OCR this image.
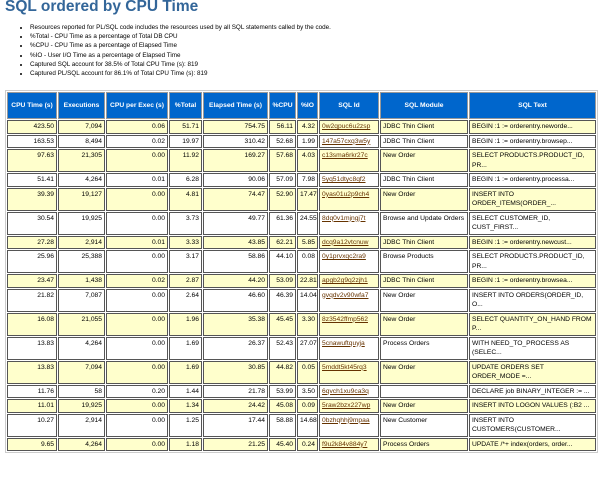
SQL ordered by CPU Time
• Resources reported for PL/SQL code includes the resources used by all SQL statements called by the code.
• %Total - CPU Time as a percentage of Total DB CPU
• %CPU - CPU Time as a percentage of Elapsed Time
• %IO - User I/O Time as a percentage of Elapsed Time
• Captured SQL account for 38.5% of Total CPU Time (s): 819
• Captured PL/SQL account for 86.1% of Total CPU Time (s): 819
CPU Time (s)	Executions	CPU per Exec (s)	%Total	Elapsed Time (s)	%CPU	%IO	SQL Id	SQL Module	SQL Text
423.50	7,094	0.06	51.71	754.75	56.11	4.32	0w2qpuc6u2zsp	JDBC Thin Client	BEGIN :1 := orderentry.neworde...
163.53	8,494	0.02	19.97	310.42	52.68	1.99	147a57cxq3w5y	JDBC Thin Client	BEGIN :1 := orderentry.browsep...
97.63	21,305	0.00	11.92	169.27	57.68	4.03	c13sma6rkr27c	New Order	SELECT PRODUCTS.PRODUCT_ID, PR...
51.41	4,264	0.01	6.28	90.06	57.09	7.98	5yq51dtyc8qf2	JDBC Thin Client	BEGIN :1 := orderentry.processa...
39.39	19,127	0.00	4.81	74.47	52.90	17.47	0yas01u2p9ch4	New Order	INSERT INTO ORDER_ITEMS(ORDER_...
30.54	19,925	0.00	3.73	49.77	61.36	24.55	8dq0v1mjngj7t	Browse and Update Orders	SELECT CUSTOMER_ID, CUST_FIRST...
27.28	2,914	0.01	3.33	43.85	62.21	5.85	dcq9a12vtcnuw	JDBC Thin Client	BEGIN :1 := orderentry.newcust...
25.96	25,388	0.00	3.17	58.86	44.10	0.08	0y1prvxqc2ra9	Browse Products	SELECT PRODUCTS.PRODUCT_ID, PR...
23.47	1,438	0.02	2.87	44.20	53.09	22.81	apgb2g9q2zjh1	JDBC Thin Client	BEGIN :1 := orderentry.browsea...
21.82	7,087	0.00	2.64	46.60	46.39	14.04	gvqdv2v90wfa7	New Order	INSERT INTO ORDERS(ORDER_ID, O...
16.08	21,055	0.00	1.96	35.38	45.45	3.30	8z3542ffmp562	New Order	SELECT QUANTITY_ON_HAND FROM P...
13.83	4,264	0.00	1.69	26.37	52.43	27.07	5cnawuftquyja	Process Orders	WITH NEED_TO_PROCESS AS (SELEC...
13.83	7,094	0.00	1.69	30.85	44.82	0.05	5mddt5kt45rq3	New Order	UPDATE ORDERS SET ORDER_MODE =...
11.76	58	0.20	1.44	21.78	53.99	3.50	6qvch1xu9ca3q		DECLARE job BINARY_INTEGER := ...
11.01	19,925	0.00	1.34	24.42	45.08	0.09	5raw2bzx227wp	New Order	INSERT INTO LOGON VALUES (:B2 ...
10.27	2,914	0.00	1.25	17.44	58.88	14.68	0bzhqhhj9mpaa	New Customer	INSERT INTO CUSTOMERS(CUSTOMER...
9.65	4,264	0.00	1.18	21.25	45.40	0.24	f9u2k84v884y7	Process Orders	UPDATE /*+ index(orders, order...
